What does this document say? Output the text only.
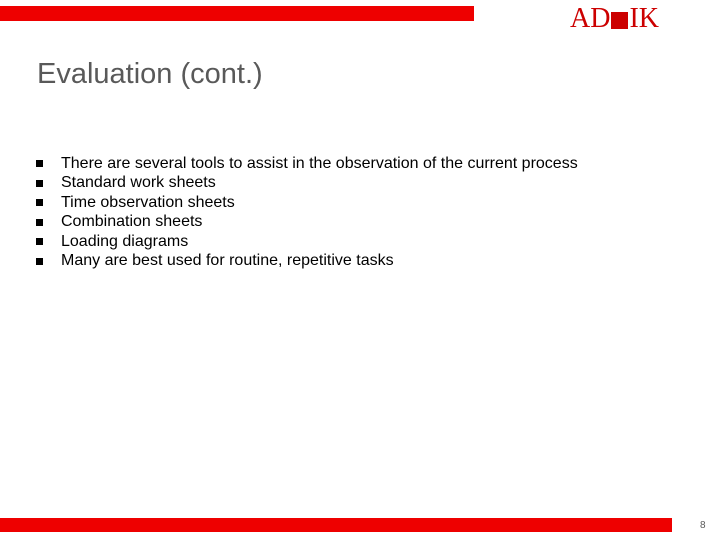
AD IK
Evaluation (cont.)
There are several tools to assist in the observation of the current process
Standard work sheets
Time observation sheets
Combination sheets
Loading diagrams
Many are best used for routine, repetitive tasks
8
